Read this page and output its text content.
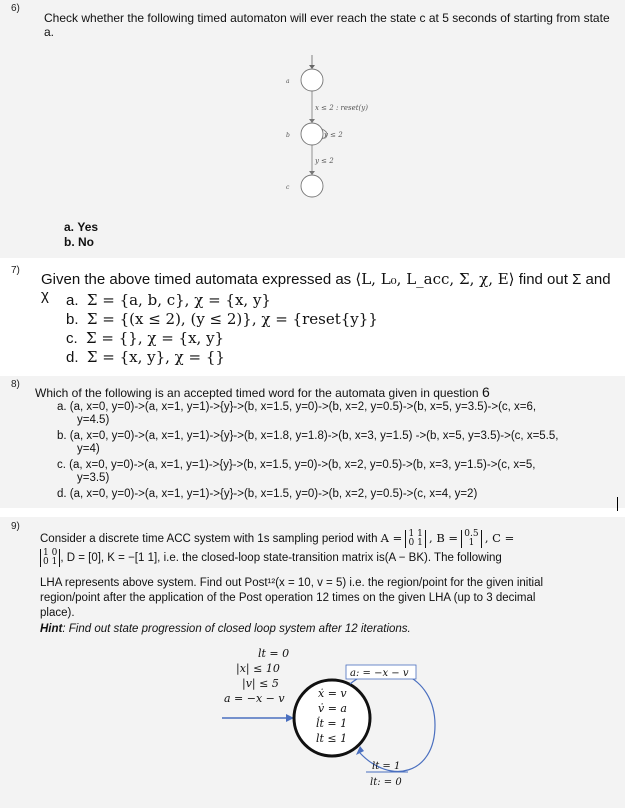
6)
Check whether the following timed automaton will ever reach the state c at 5 seconds of starting from state a.
a
x ≤ 2 : reset(y)
b	y ≤ 2
y ≤ 2
c
a. Yes
b. No
7)
Given the above timed automata expressed as ⟨L, L₀, L_acc, Σ, χ, E⟩ find out Σ and χ	a. Σ = {a, b, c}, χ = {x, y}
b. Σ = {(x ≤ 2), (y ≤ 2)}, χ = {reset{y}}
c. Σ = {}, χ = {x, y}
d. Σ = {x, y}, χ = {}
8)
Which of the following is an accepted timed word for the automata given in question 6
a. (a, x=0, y=0)->(a, x=1, y=1)->{y}->(b, x=1.5, y=0)->(b, x=2, y=0.5)->(b, x=5, y=3.5)->(c, x=6,
y=4.5)
b. (a, x=0, y=0)->(a, x=1, y=1)->{y}->(b, x=1.8, y=1.8)->(b, x=3, y=1.5) ->(b, x=5, y=3.5)->(c, x=5.5,
y=4)
c. (a, x=0, y=0)->(a, x=1, y=1)->{y}->(b, x=1.5, y=0)->(b, x=2, y=0.5)->(b, x=3, y=1.5)->(c, x=5,
y=3.5)
d. (a, x=0, y=0)->(a, x=1, y=1)->{y}->(b, x=1.5, y=0)->(b, x=2, y=0.5)->(c, x=4, y=2)
9)
Consider a discrete time ACC system with 1s sampling period with A = 1 1
0 1 , B = 0.5
1 , C =
1 0
0 1 , D = [0], K = −[1 1], i.e. the closed-loop state-transition matrix is(A − BK). The following
LHA represents above system. Find out Post¹²(x = 10, v = 5) i.e. the region/point for the given initial
region/point after the application of the Post operation 12 times on the given LHA (up to 3 decimal
place).
Hint: Find out state progression of closed loop system after 12 iterations.
lt = 0
|x| ≤ 10
|v| ≤ 5
a = −x − v	ẋ = v
v̇ = a
l̇t = 1
lt ≤ 1
a: = −x − v
lt = 1
lt: = 0
